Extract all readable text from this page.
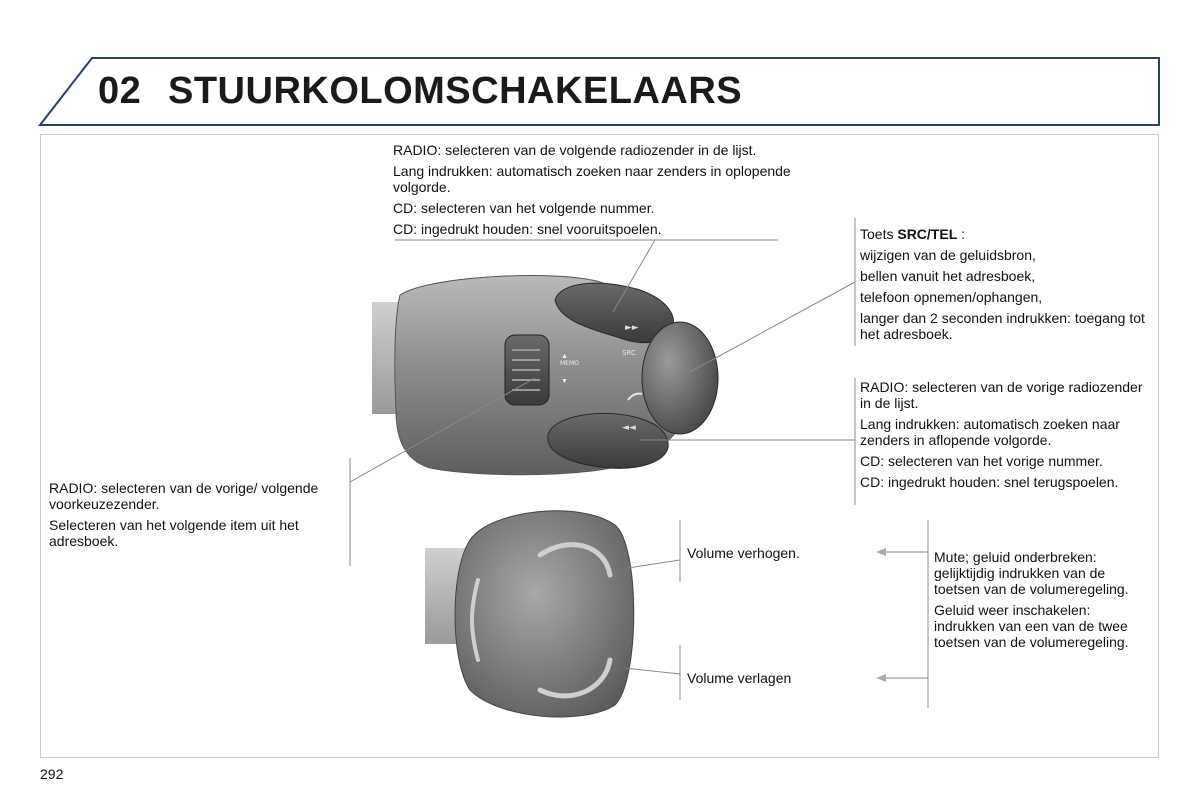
02 STUURKOLOMSCHAKELAARS
►►
◄◄
SRC
MEMO
▲
▼

RADIO: selecteren van de volgende radiozender in de lijst.

Lang indrukken: automatisch zoeken naar zenders in oplopende volgorde.

CD: selecteren van het volgende nummer.

CD: ingedrukt houden: snel vooruitspoelen.	Toets SRC/TEL :

wijzigen van de geluidsbron,

bellen vanuit het adresboek,

telefoon opnemen/ophangen,

langer dan 2 seconden indrukken: toegang tot het adresboek.

RADIO: selecteren van de vorige radiozender in de lijst.

Lang indrukken: automatisch zoeken naar zenders in aflopende volgorde.

CD: selecteren van het vorige nummer.

CD: ingedrukt houden: snel terugspoelen.

RADIO: selecteren van de vorige/ volgende voorkeuzezender.

Selecteren van het volgende item uit het adresboek.

Volume verhogen.
Volume verlagen

Mute; geluid onderbreken: gelijktijdig indrukken van de toetsen van de volumeregeling.

Geluid weer inschakelen: indrukken van een van de twee toetsen van de volumeregeling.

292
